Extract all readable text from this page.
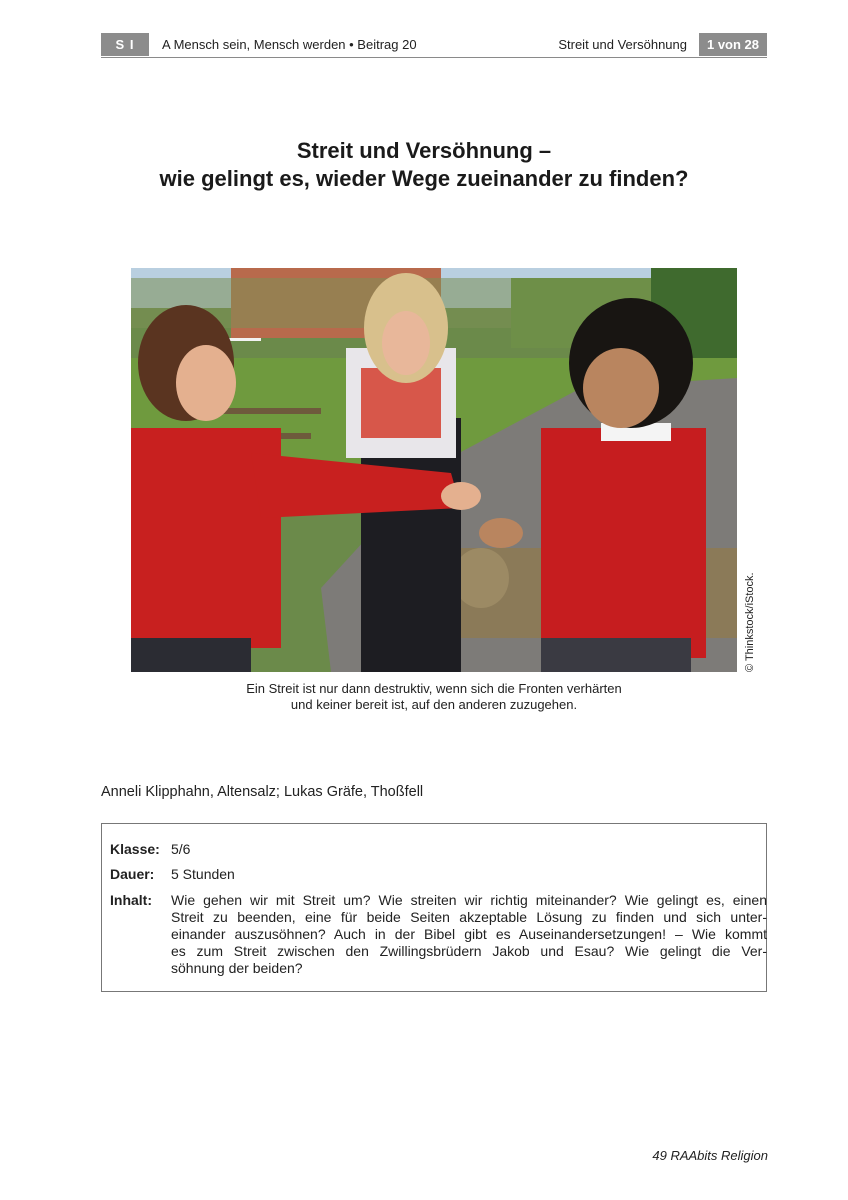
S I	A Mensch sein, Mensch werden • Beitrag 20	Streit und Versöhnung	1 von 28
Streit und Versöhnung –
wie gelingt es, wieder Wege zueinander zu finden?
© Thinkstock/iStock.
Ein Streit ist nur dann destruktiv, wenn sich die Fronten verhärten
und keiner bereit ist, auf den anderen zuzugehen.
Anneli Klipphahn, Altensalz; Lukas Gräfe, Thoßfell
Klasse: 5/6
Dauer: 5 Stunden
Inhalt: Wie gehen wir mit Streit um? Wie streiten wir richtig miteinander? Wie gelingt es, einen
Streit zu beenden, eine für beide Seiten akzeptable Lösung zu finden und sich unter-
einander auszusöhnen? Auch in der Bibel gibt es Auseinandersetzungen! – Wie kommt
es zum Streit zwischen den Zwillingsbrüdern Jakob und Esau? Wie gelingt die Ver-
söhnung der beiden?
49 RAAbits Religion
